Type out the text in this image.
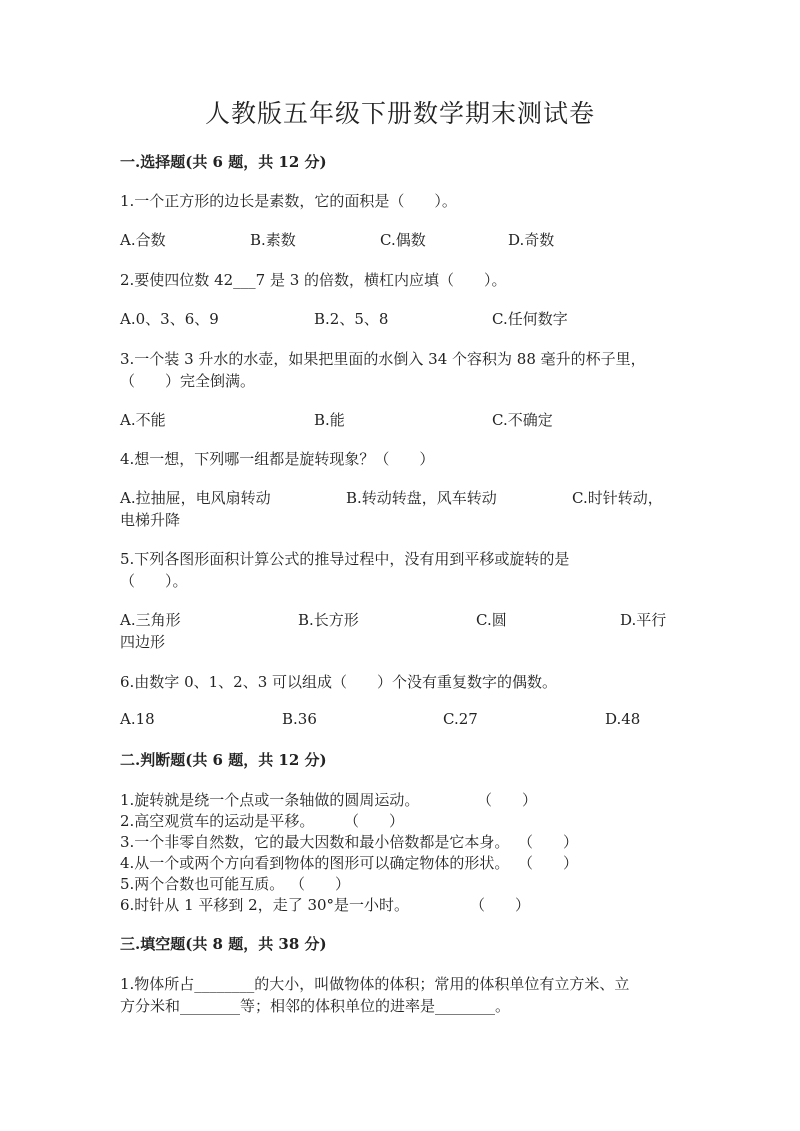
人教版五年级下册数学期末测试卷
一.选择题(共 6 题，共 12 分)
1.一个正方形的边长是素数，它的面积是（　　）。
A.合数	B.素数	C.偶数	D.奇数
2.要使四位数 42___7 是 3 的倍数，横杠内应填（　　）。
A.0、3、6、9	B.2、5、8	C.任何数字
3.一个装 3 升水的水壶，如果把里面的水倒入 34 个容积为 88 毫升的杯子里，
（　　）完全倒满。
A.不能	B.能	C.不确定
4.想一想，下列哪一组都是旋转现象？（　　）
A.拉抽屉，电风扇转动	B.转动转盘，风车转动	C.时针转动，
电梯升降
5.下列各图形面积计算公式的推导过程中，没有用到平移或旋转的是
（　　）。
A.三角形	B.长方形	C.圆	D.平行
四边形
6.由数字 0、1、2、3 可以组成（　　）个没有重复数字的偶数。
A.18	B.36	C.27	D.48
二.判断题(共 6 题，共 12 分)
1.旋转就是绕一个点或一条轴做的圆周运动。	（　　）
2.高空观赏车的运动是平移。 （　　）
3.一个非零自然数，它的最大因数和最小倍数都是它本身。 （　　）
4.从一个或两个方向看到物体的图形可以确定物体的形状。 （　　）
5.两个合数也可能互质。 （　　）
6.时针从 1 平移到 2，走了 30°是一小时。	（　　）
三.填空题(共 8 题，共 38 分)
1.物体所占________的大小，叫做物体的体积；常用的体积单位有立方米、立
方分米和________等；相邻的体积单位的进率是________。
